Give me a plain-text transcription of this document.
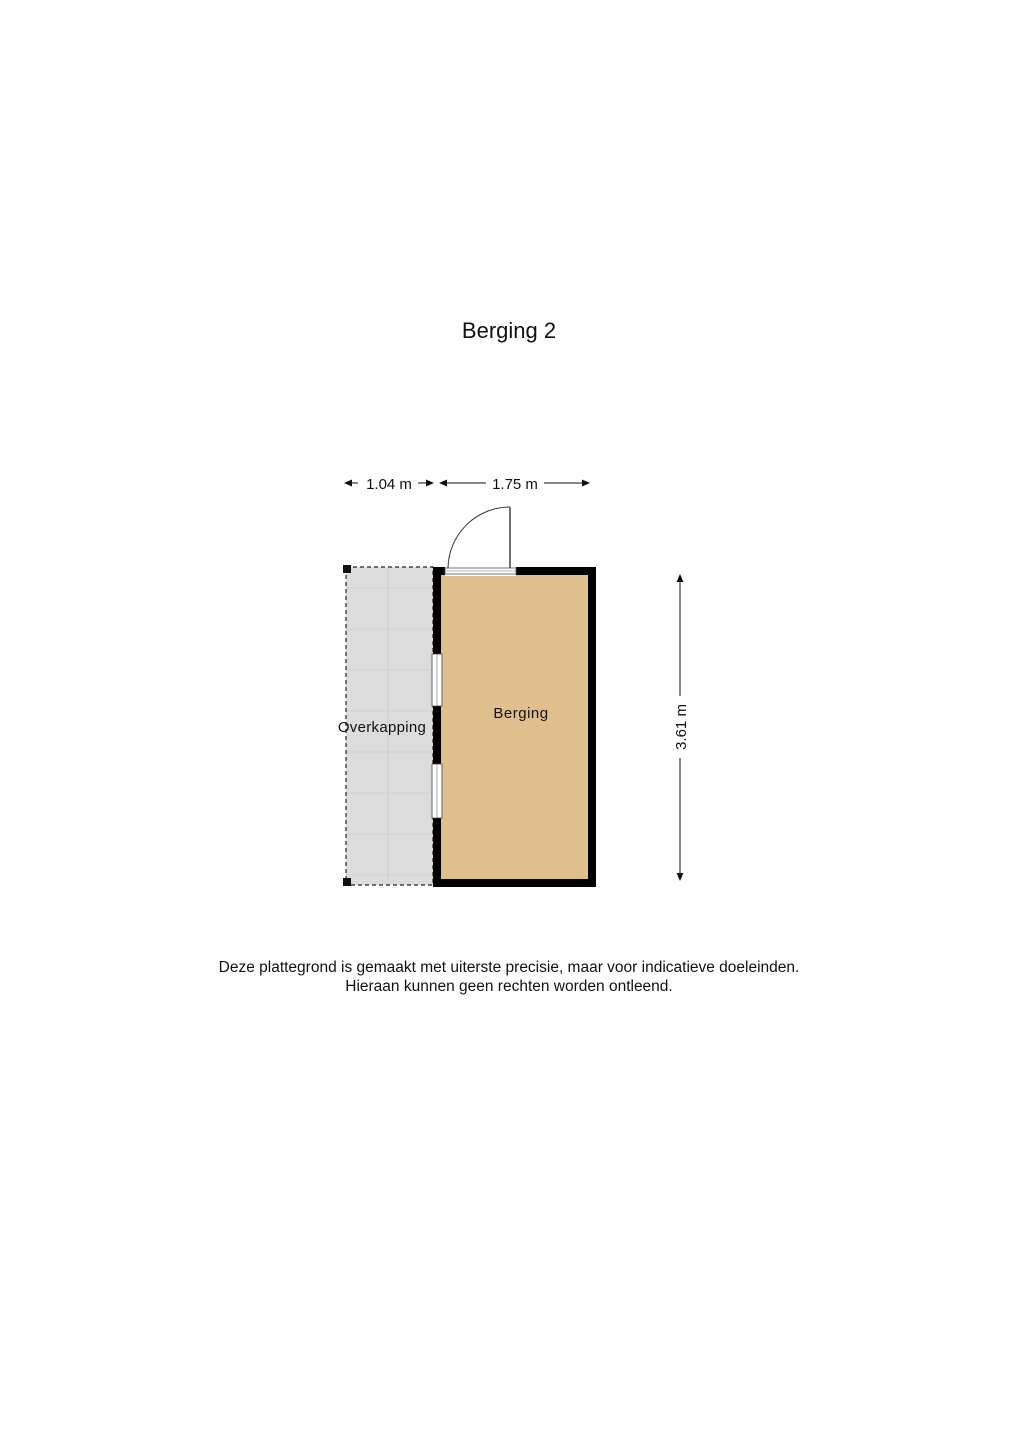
Berging 2
Berging
Overkapping
1.04 m	1.75 m
3.61 m
Deze plattegrond is gemaakt met uiterste precisie, maar voor indicatieve doeleinden.
Hieraan kunnen geen rechten worden ontleend.
